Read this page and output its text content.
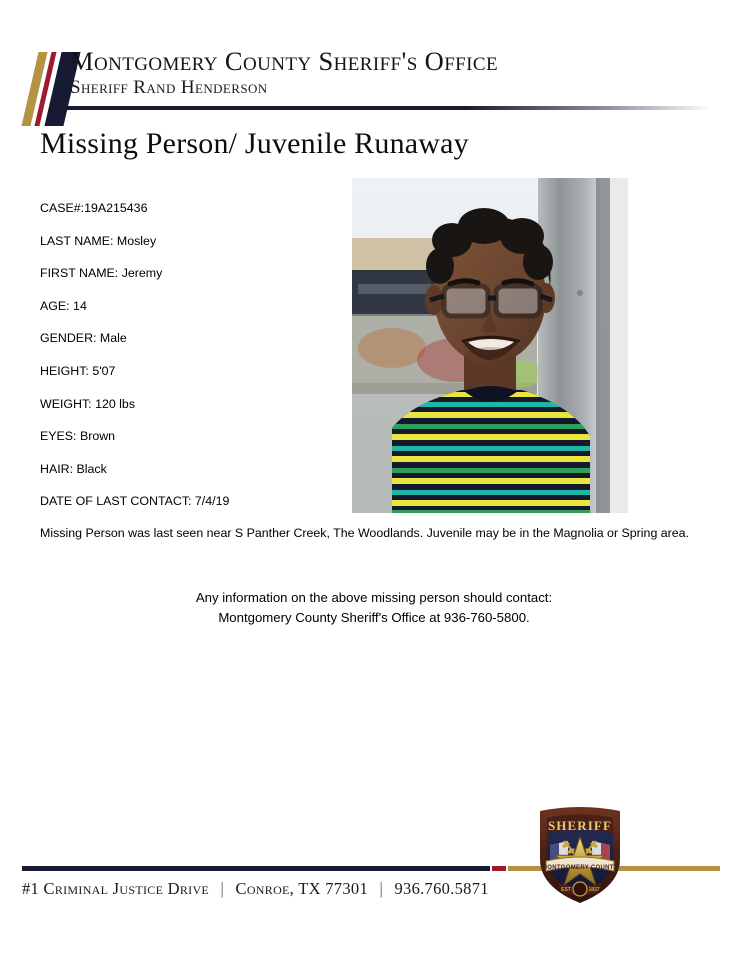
Montgomery County Sheriff's Office
Sheriff Rand Henderson
Missing Person/ Juvenile Runaway
CASE#:19A215436
LAST NAME: Mosley
FIRST NAME: Jeremy
AGE: 14
GENDER: Male
HEIGHT: 5'07
WEIGHT: 120 lbs
EYES: Brown
HAIR: Black
DATE OF LAST CONTACT: 7/4/19
Missing Person was last seen near S Panther Creek, The Woodlands. Juvenile may be in the Magnolia or Spring area.
Any information on the above missing person should contact:
Montgomery County Sheriff's Office at 936-760-5800.
#1 Criminal Justice Drive | Conroe, TX 77301 | 936.760.5871
SHERIFF
MONTGOMERY COUNTY
EST	1837
